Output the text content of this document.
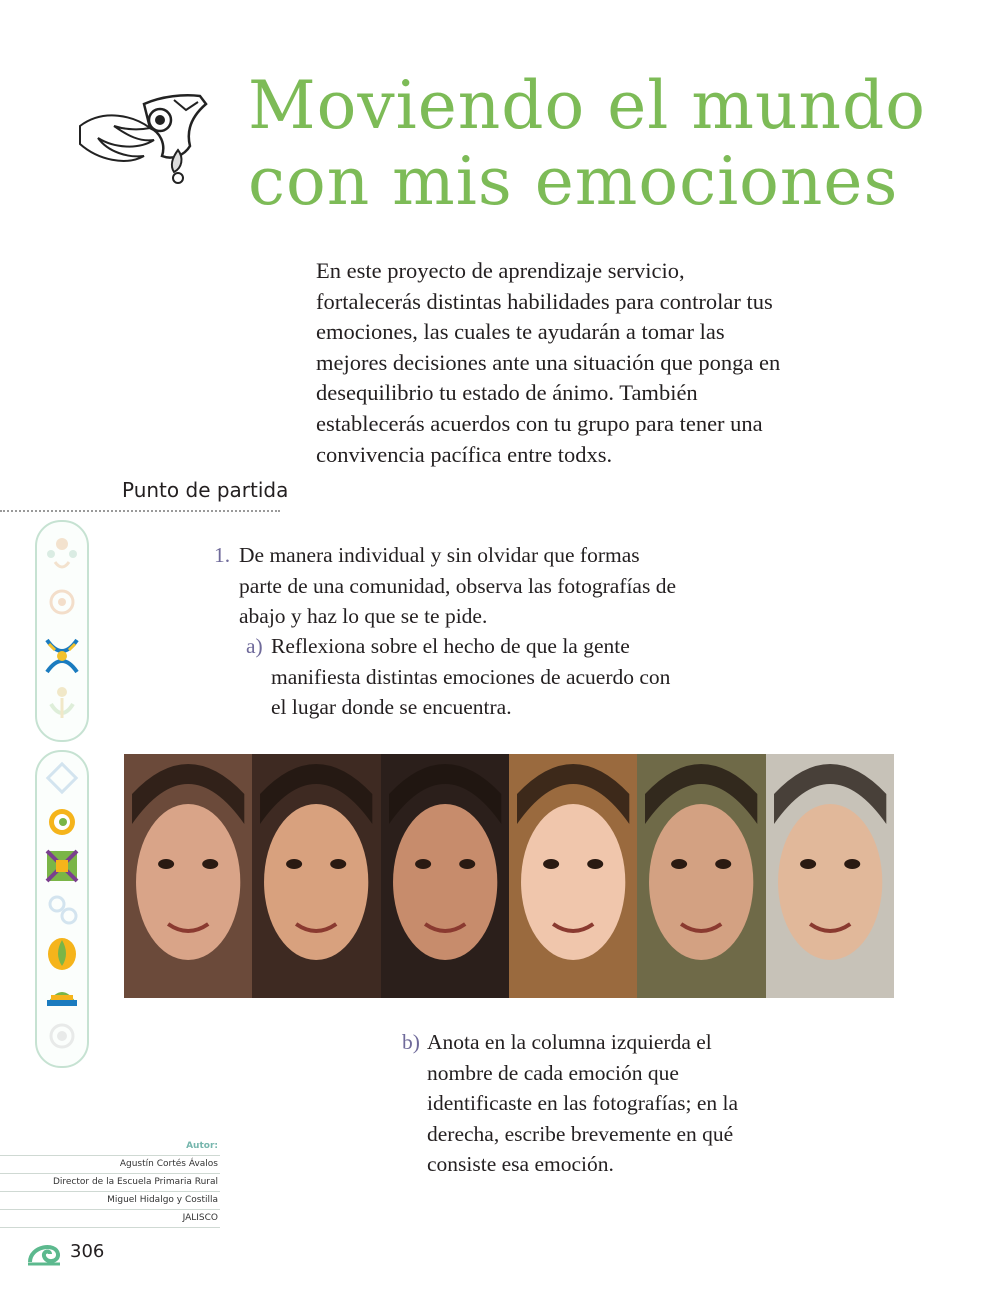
Moviendo el mundo
con mis emociones

En este proyecto de aprendizaje servicio, fortalecerás distintas habilidades para controlar tus emociones, las cuales te ayudarán a tomar las mejores decisiones ante una situación que ponga en desequilibrio tu estado de ánimo. También establecerás acuerdos con tu grupo para tener una convivencia pacífica entre todxs.

Punto de partida
1. De manera individual y sin olvidar que formas parte de una comunidad, observa las fotografías de abajo y haz lo que se te pide.
a) Reflexiona sobre el hecho de que la gente manifiesta distintas emociones de acuerdo con el lugar donde se encuentra.
b) Anota en la columna izquierda el nombre de cada emoción que identificaste en las fotografías; en la derecha, escribe brevemente en qué consiste esa emoción.
Autor:
Agustín Cortés Ávalos
Director de la Escuela Primaria Rural
Miguel Hidalgo y Costilla
JALISCO
306
